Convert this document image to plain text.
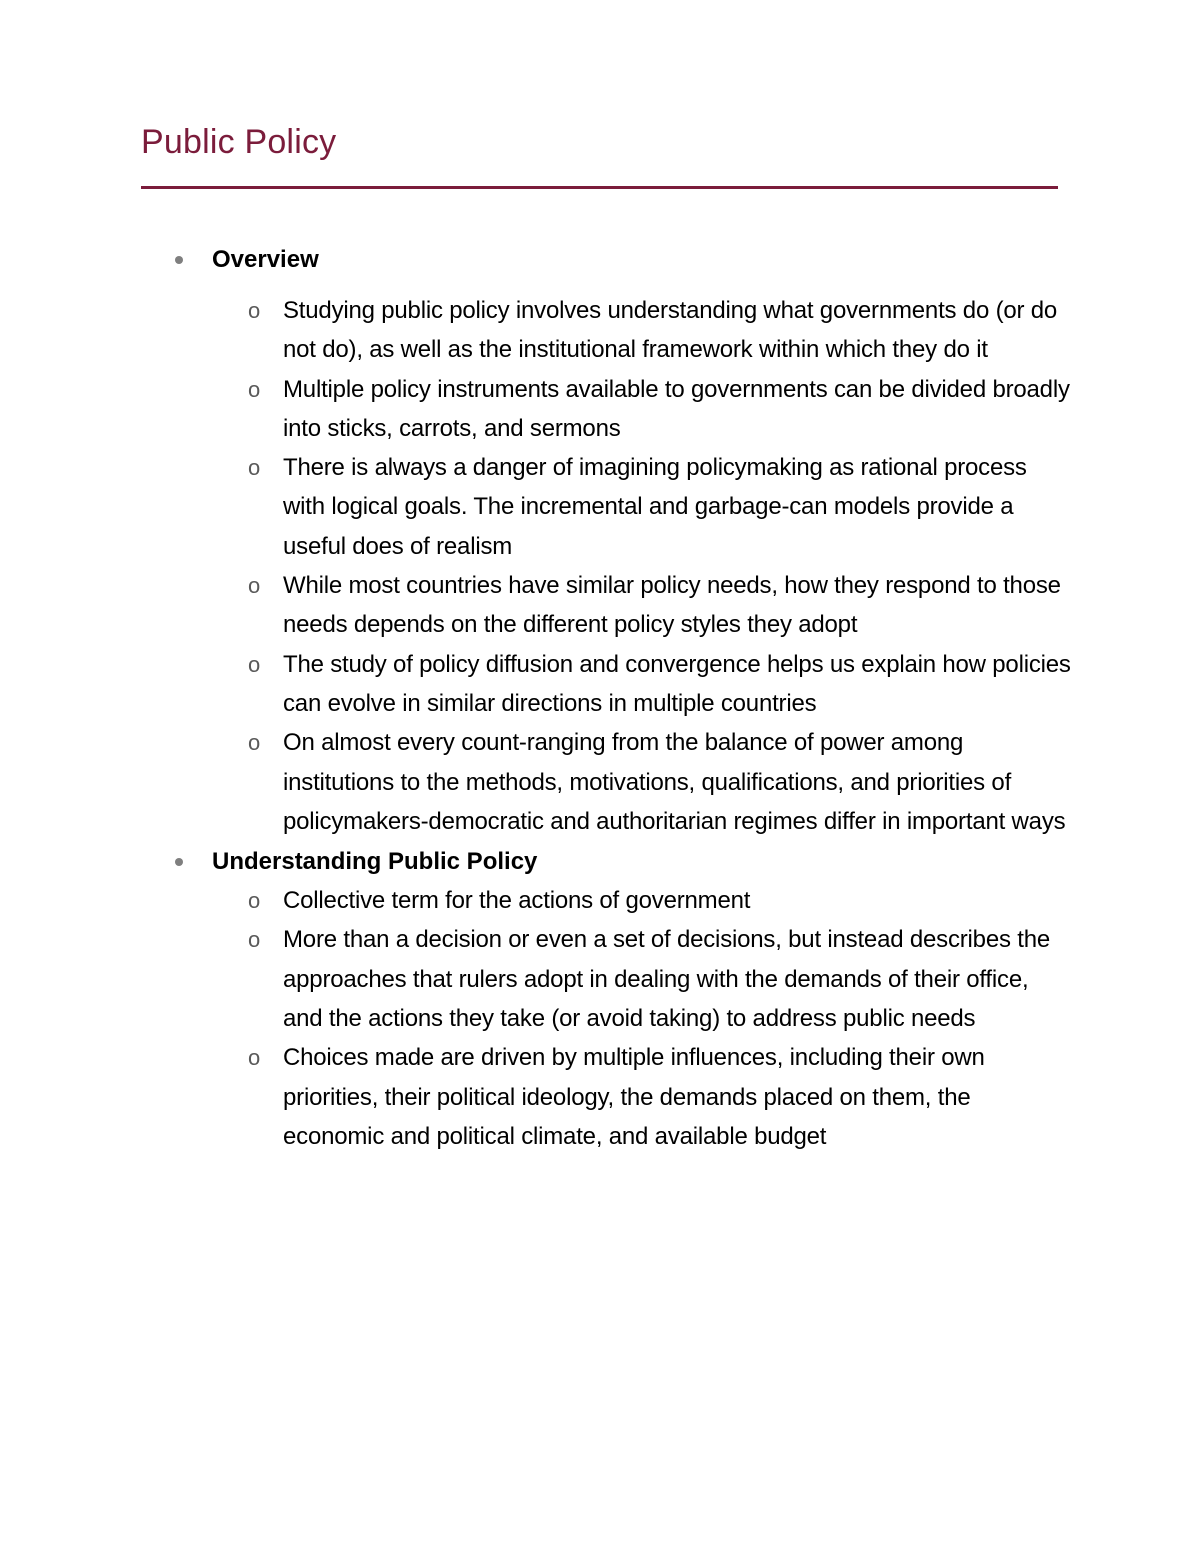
Public Policy
Overview
o Studying public policy involves understanding what governments do (or do not do), as well as the institutional framework within which they do it
o Multiple policy instruments available to governments can be divided broadly into sticks, carrots, and sermons
o There is always a danger of imagining policymaking as rational process with logical goals. The incremental and garbage-can models provide a useful does of realism
o While most countries have similar policy needs, how they respond to those needs depends on the different policy styles they adopt
o The study of policy diffusion and convergence helps us explain how policies can evolve in similar directions in multiple countries
o On almost every count-ranging from the balance of power among institutions to the methods, motivations, qualifications, and priorities of policymakers-democratic and authoritarian regimes differ in important ways
Understanding Public Policy
o Collective term for the actions of government
o More than a decision or even a set of decisions, but instead describes the approaches that rulers adopt in dealing with the demands of their office, and the actions they take (or avoid taking) to address public needs
o Choices made are driven by multiple influences, including their own priorities, their political ideology, the demands placed on them, the economic and political climate, and available budget
